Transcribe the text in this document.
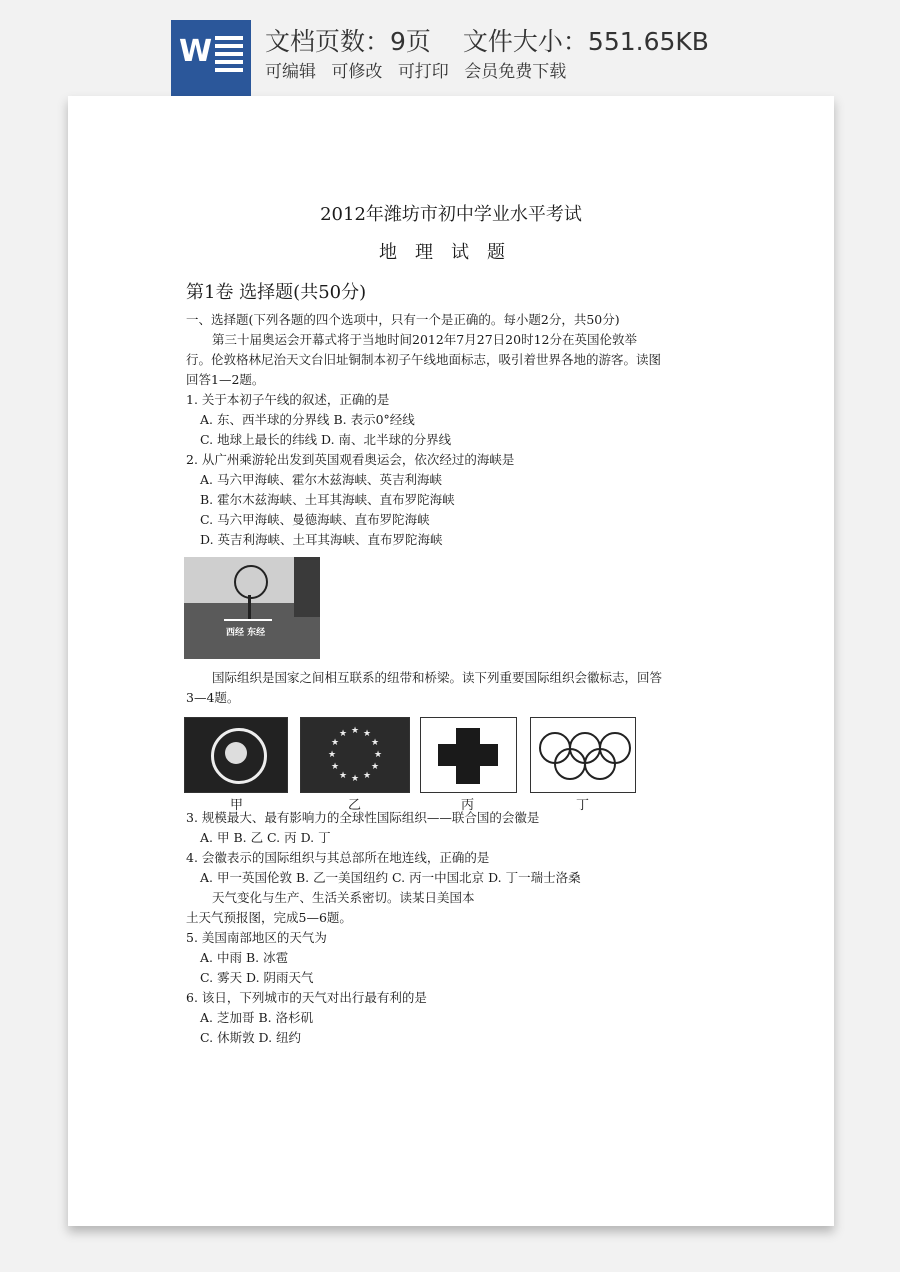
W 文档页数：9页 文件大小：551.65KB
可编辑 可修改 可打印 会员免费下载
2012年潍坊市初中学业水平考试
地理试题
第1卷 选择题(共50分)
一、选择题(下列各题的四个选项中，只有一个是正确的。每小题2分，共50分)
第三十届奥运会开幕式将于当地时间2012年7月27日20时12分在英国伦敦举
行。伦敦格林尼治天文台旧址铜制本初子午线地面标志，吸引着世界各地的游客。读图
回答1—2题。
1. 关于本初子午线的叙述，正确的是
A. 东、西半球的分界线 B. 表示0°经线
C. 地球上最长的纬线 D. 南、北半球的分界线
2. 从广州乘游轮出发到英国观看奥运会，依次经过的海峡是
A. 马六甲海峡、霍尔木兹海峡、英吉利海峡
B. 霍尔木兹海峡、土耳其海峡、直布罗陀海峡
C. 马六甲海峡、曼德海峡、直布罗陀海峡
D. 英吉利海峡、土耳其海峡、直布罗陀海峡
西经 东经
国际组织是国家之间相互联系的纽带和桥梁。读下列重要国际组织会徽标志，回答
3—4题。
★ ★
★
★
★
★
★
★
★
★
★
★
甲	乙	丙	丁
3. 规模最大、最有影响力的全球性国际组织——联合国的会徽是
A. 甲 B. 乙 C. 丙 D. 丁
4. 会徽表示的国际组织与其总部所在地连线，正确的是
A. 甲一英国伦敦 B. 乙一美国纽约 C. 丙一中国北京 D. 丁一瑞士洛桑
天气变化与生产、生活关系密切。读某日美国本
土天气预报图，完成5—6题。
5. 美国南部地区的天气为
A. 中雨 B. 冰雹
C. 雾天 D. 阴雨天气
6. 该日，下列城市的天气对出行最有利的是
A. 芝加哥 B. 洛杉矶
C. 休斯敦 D. 纽约
